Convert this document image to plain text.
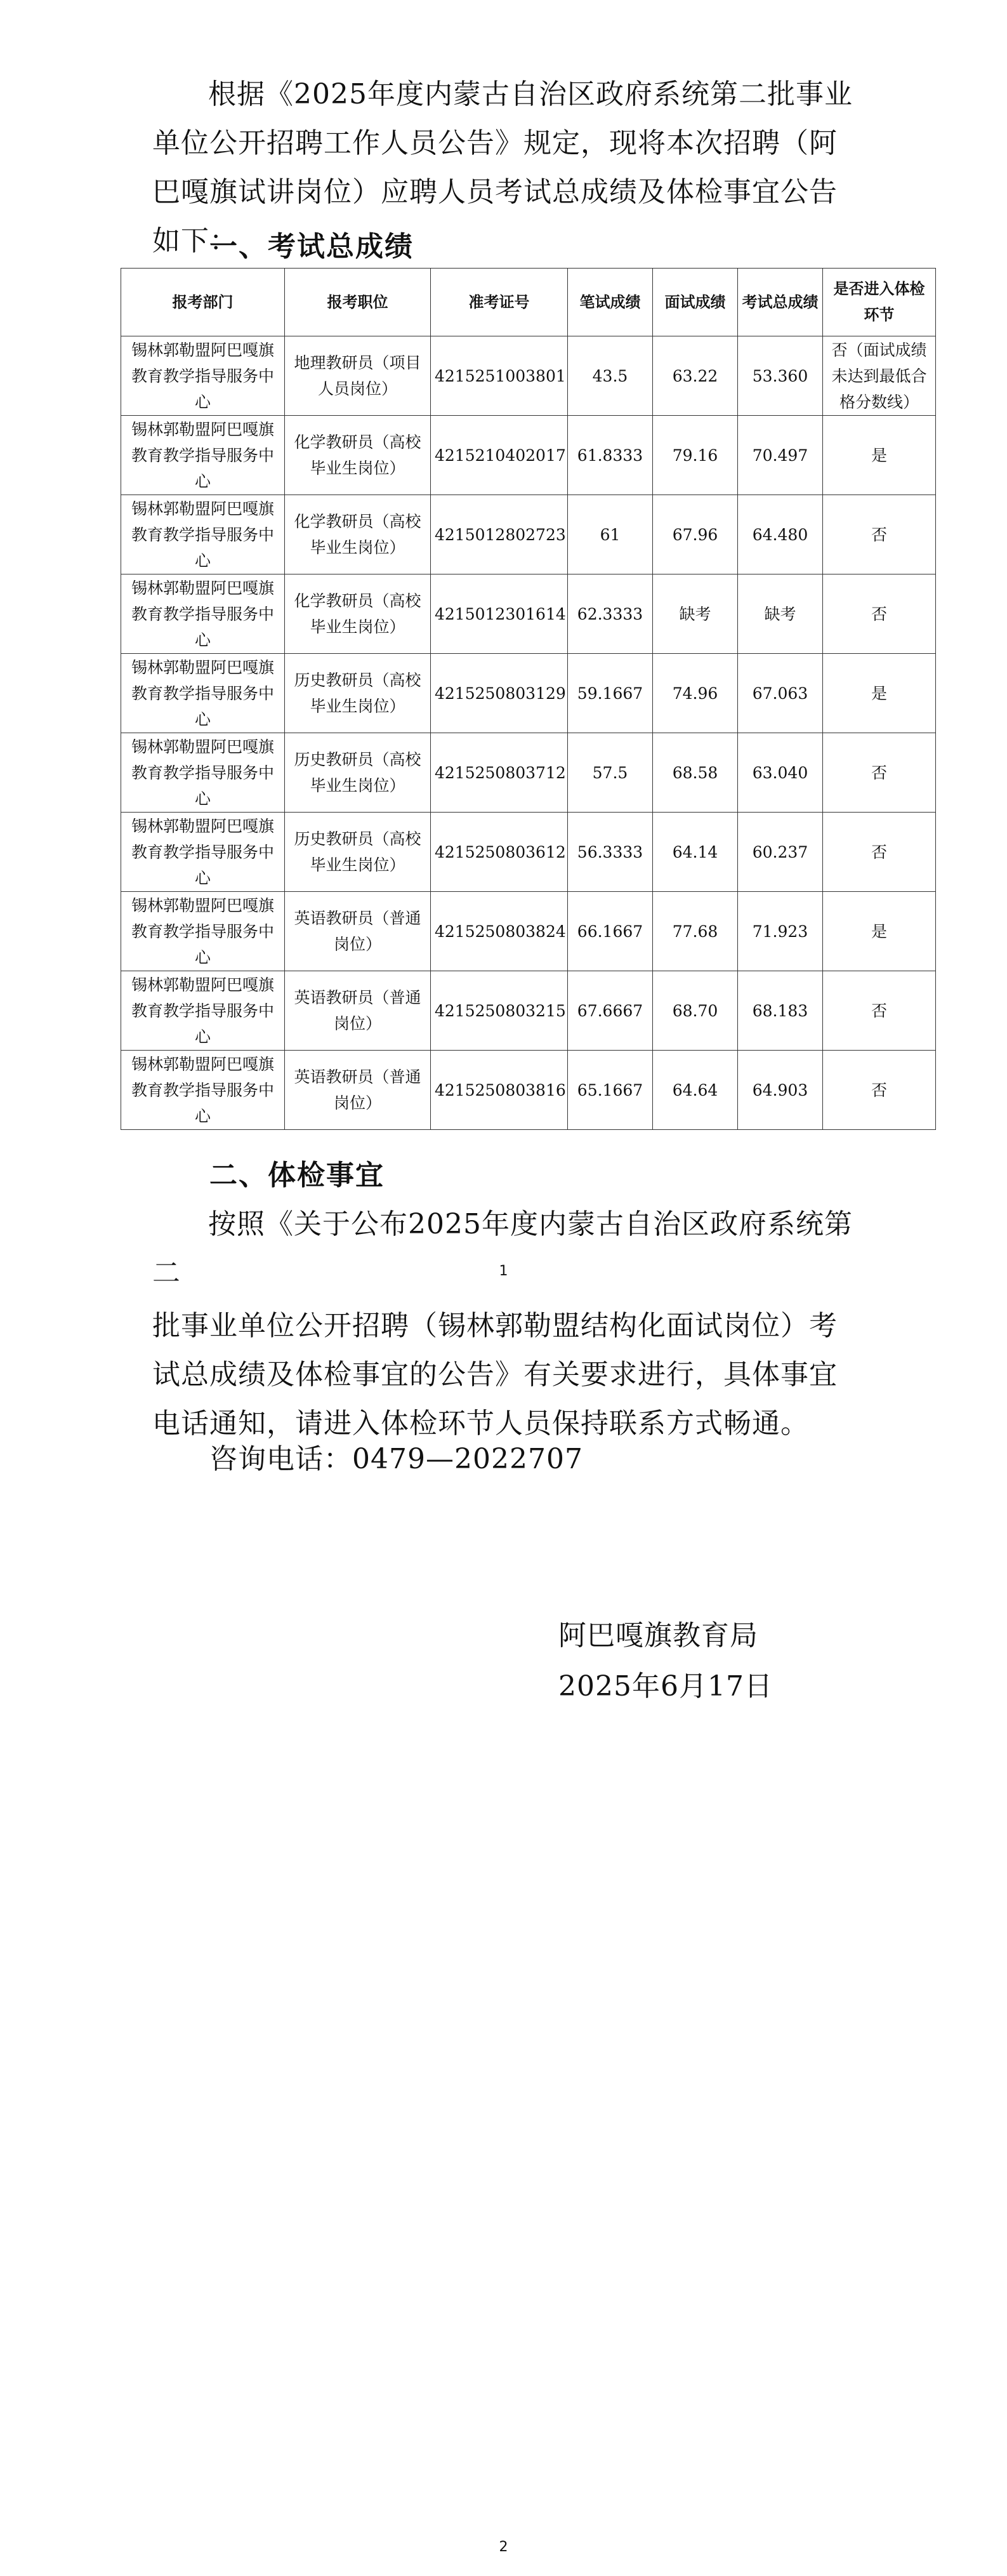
根据《2025年度内蒙古自治区政府系统第二批事业单位公开招聘工作人员公告》规定，现将本次招聘（阿巴嘎旗试讲岗位）应聘人员考试总成绩及体检事宜公告如下：

一、考试总成绩

报考部门	报考职位	准考证号	笔试成绩	面试成绩	考试总成绩	是否进入体检环节
锡林郭勒盟阿巴嘎旗教育教学指导服务中心	地理教研员（项目人员岗位）	4215251003801	43.5	63.22	53.360	否（面试成绩未达到最低合格分数线）
锡林郭勒盟阿巴嘎旗教育教学指导服务中心	化学教研员（高校毕业生岗位）	4215210402017	61.8333	79.16	70.497	是
锡林郭勒盟阿巴嘎旗教育教学指导服务中心	化学教研员（高校毕业生岗位）	4215012802723	61	67.96	64.480	否
锡林郭勒盟阿巴嘎旗教育教学指导服务中心	化学教研员（高校毕业生岗位）	4215012301614	62.3333	缺考	缺考	否
锡林郭勒盟阿巴嘎旗教育教学指导服务中心	历史教研员（高校毕业生岗位）	4215250803129	59.1667	74.96	67.063	是
锡林郭勒盟阿巴嘎旗教育教学指导服务中心	历史教研员（高校毕业生岗位）	4215250803712	57.5	68.58	63.040	否
锡林郭勒盟阿巴嘎旗教育教学指导服务中心	历史教研员（高校毕业生岗位）	4215250803612	56.3333	64.14	60.237	否
锡林郭勒盟阿巴嘎旗教育教学指导服务中心	英语教研员（普通岗位）	4215250803824	66.1667	77.68	71.923	是
锡林郭勒盟阿巴嘎旗教育教学指导服务中心	英语教研员（普通岗位）	4215250803215	67.6667	68.70	68.183	否
锡林郭勒盟阿巴嘎旗教育教学指导服务中心	英语教研员（普通岗位）	4215250803816	65.1667	64.64	64.903	否

二、体检事宜

按照《关于公布2025年度内蒙古自治区政府系统第二	1

批事业单位公开招聘（锡林郭勒盟结构化面试岗位）考试总成绩及体检事宜的公告》有关要求进行，具体事宜电话通知，请进入体检环节人员保持联系方式畅通。

咨询电话：0479—2022707

阿巴嘎旗教育局

2025年6月17日

2
